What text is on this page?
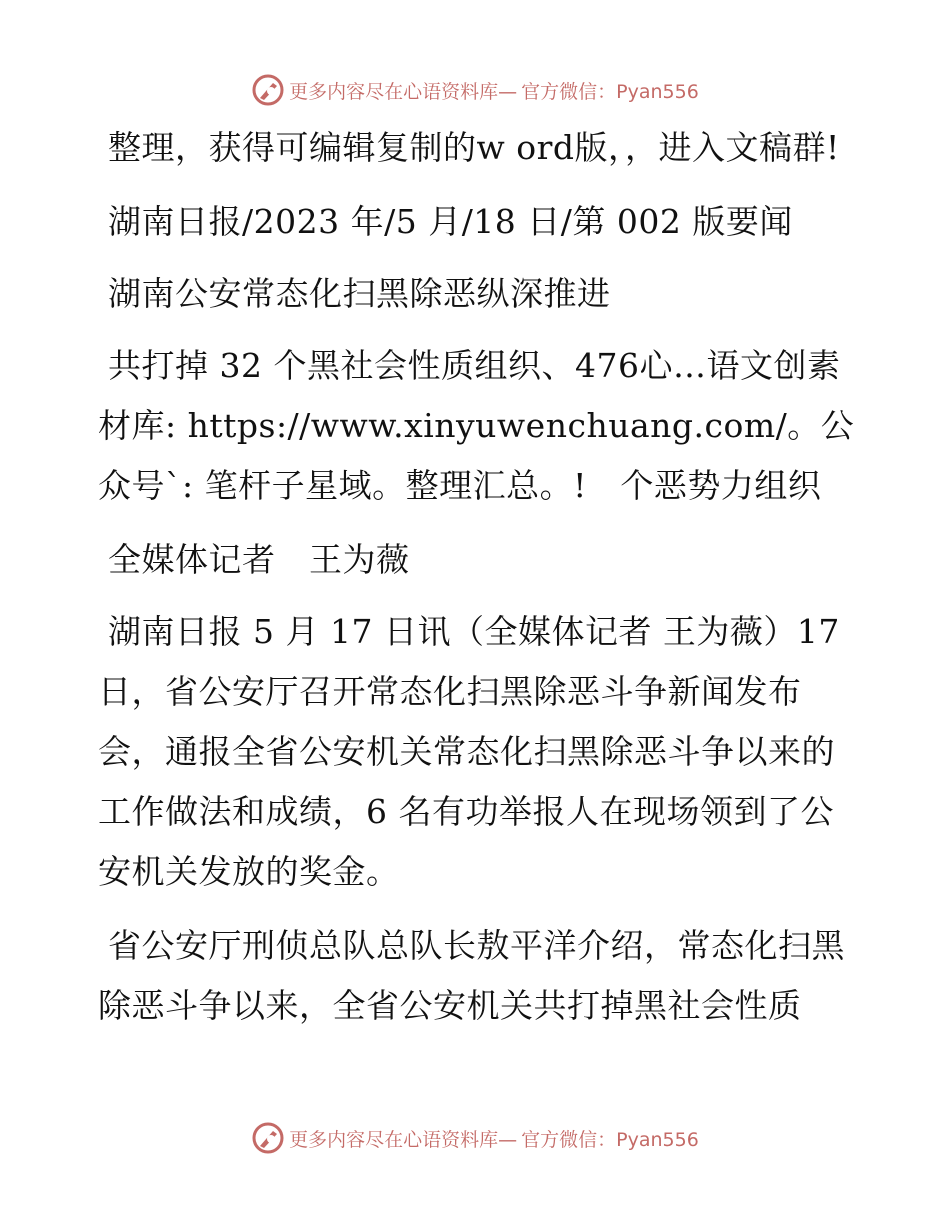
更多内容尽在心语资料库— 官方微信：Pyan556

整理，获得可编辑复制的w ord版，，进入文稿群!

湖南日报/2023 年/5 月/18 日/第 002 版要闻

湖南公安常态化扫黑除恶纵深推进

共打掉 32 个黑社会性质组织、476心…语文创素材库: https://www.xinyuwenchuang.com/。公众号`: 笔杆子星域。整理汇总。!　个恶势力组织

全媒体记者　王为薇

湖南日报 5 月 17 日讯（全媒体记者 王为薇）17 日，省公安厅召开常态化扫黑除恶斗争新闻发布会，通报全省公安机关常态化扫黑除恶斗争以来的工作做法和成绩，6 名有功举报人在现场领到了公安机关发放的奖金。

省公安厅刑侦总队总队长敖平洋介绍，常态化扫黑除恶斗争以来，全省公安机关共打掉黑社会性质

更多内容尽在心语资料库— 官方微信：Pyan556
